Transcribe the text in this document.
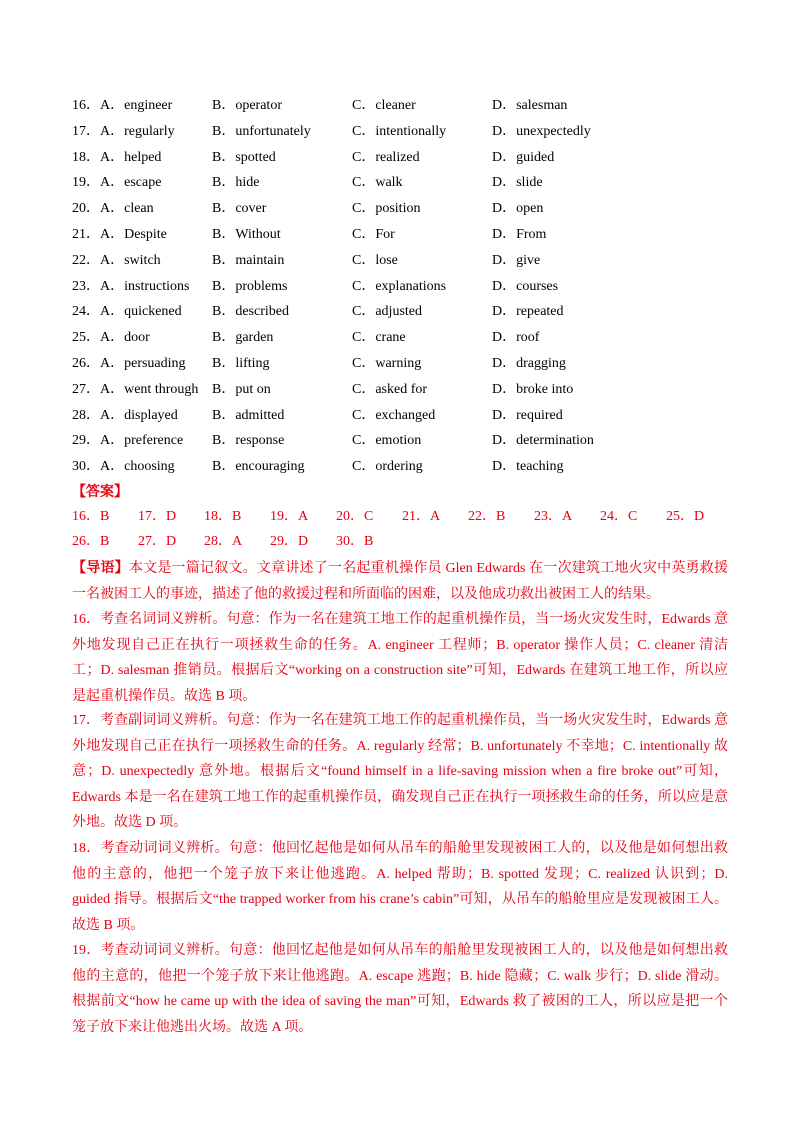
16．A．engineer	B．operator	C．cleaner	D．salesman
17．A．regularly	B．unfortunately	C．intentionally	D．unexpectedly
18．A．helped	B．spotted	C．realized	D．guided
19．A．escape	B．hide	C．walk	D．slide
20．A．clean	B．cover	C．position	D．open
21．A．Despite	B．Without	C．For	D．From
22．A．switch	B．maintain	C．lose	D．give
23．A．instructions	B．problems	C．explanations	D．courses
24．A．quickened	B．described	C．adjusted	D．repeated
25．A．door	B．garden	C．crane	D．roof
26．A．persuading	B．lifting	C．warning	D．dragging
27．A．went through	B．put on	C．asked for	D．broke into
28．A．displayed	B．admitted	C．exchanged	D．required
29．A．preference	B．response	C．emotion	D．determination
30．A．choosing	B．encouraging	C．ordering	D．teaching
【答案】
16．B 17．D 18．B 19．A 20．C 21．A 22．B 23．A 24．C 25．D
26．B 27．D 28．A 29．D 30．B
【导语】本文是一篇记叙文。文章讲述了一名起重机操作员 Glen Edwards 在一次建筑工地火灾中英勇救援一名被困工人的事迹，描述了他的救援过程和所面临的困难，以及他成功救出被困工人的结果。
16．考查名词词义辨析。句意：作为一名在建筑工地工作的起重机操作员，当一场火灾发生时，Edwards 意外地发现自己正在执行一项拯救生命的任务。A. engineer 工程师；B. operator 操作人员；C. cleaner 清洁工；D. salesman 推销员。根据后文“working on a construction site”可知，Edwards 在建筑工地工作，所以应是起重机操作员。故选 B 项。
17．考查副词词义辨析。句意：作为一名在建筑工地工作的起重机操作员，当一场火灾发生时，Edwards 意外地发现自己正在执行一项拯救生命的任务。A. regularly 经常；B. unfortunately 不幸地；C. intentionally 故意；D. unexpectedly 意外地。根据后文“found himself in a life-saving mission when a fire broke out”可知，Edwards 本是一名在建筑工地工作的起重机操作员，确发现自己正在执行一项拯救生命的任务，所以应是意外地。故选 D 项。
18．考查动词词义辨析。句意：他回忆起他是如何从吊车的船舱里发现被困工人的，以及他是如何想出救他的主意的，他把一个笼子放下来让他逃跑。A. helped 帮助；B. spotted 发现；C. realized 认识到；D. guided 指导。根据后文“the trapped worker from his crane’s cabin”可知，从吊车的船舱里应是发现被困工人。故选 B 项。
19．考查动词词义辨析。句意：他回忆起他是如何从吊车的船舱里发现被困工人的，以及他是如何想出救他的主意的，他把一个笼子放下来让他逃跑。A. escape 逃跑；B. hide 隐藏；C. walk 步行；D. slide 滑动。根据前文“how he came up with the idea of saving the man”可知，Edwards 救了被困的工人，所以应是把一个笼子放下来让他逃出火场。故选 A 项。
